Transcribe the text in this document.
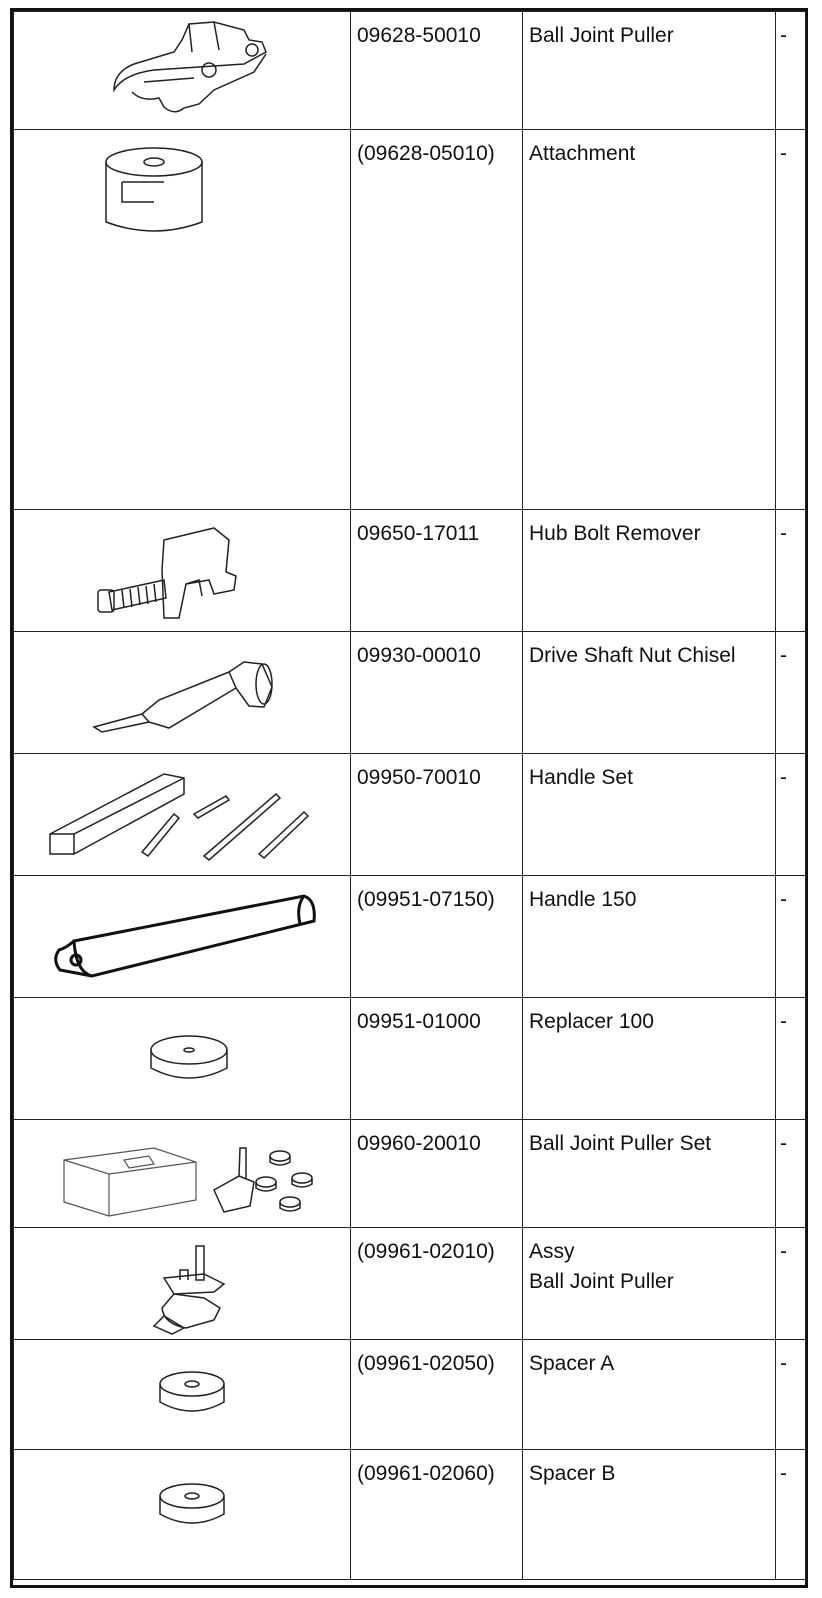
	09628-50010	Ball Joint Puller	-

	(09628-05010)	Attachment	-

	09650-17011	Hub Bolt Remover	-

	09930-00010	Drive Shaft Nut Chisel	-

	09950-70010	Handle Set	-

	(09951-07150)	Handle 150	-

	09951-01000	Replacer 100	-

	09960-20010	Ball Joint Puller Set	-

	(09961-02010)	Assy
Ball Joint Puller	-

	(09961-02050)	Spacer A	-

	(09961-02060)	Spacer B	-
